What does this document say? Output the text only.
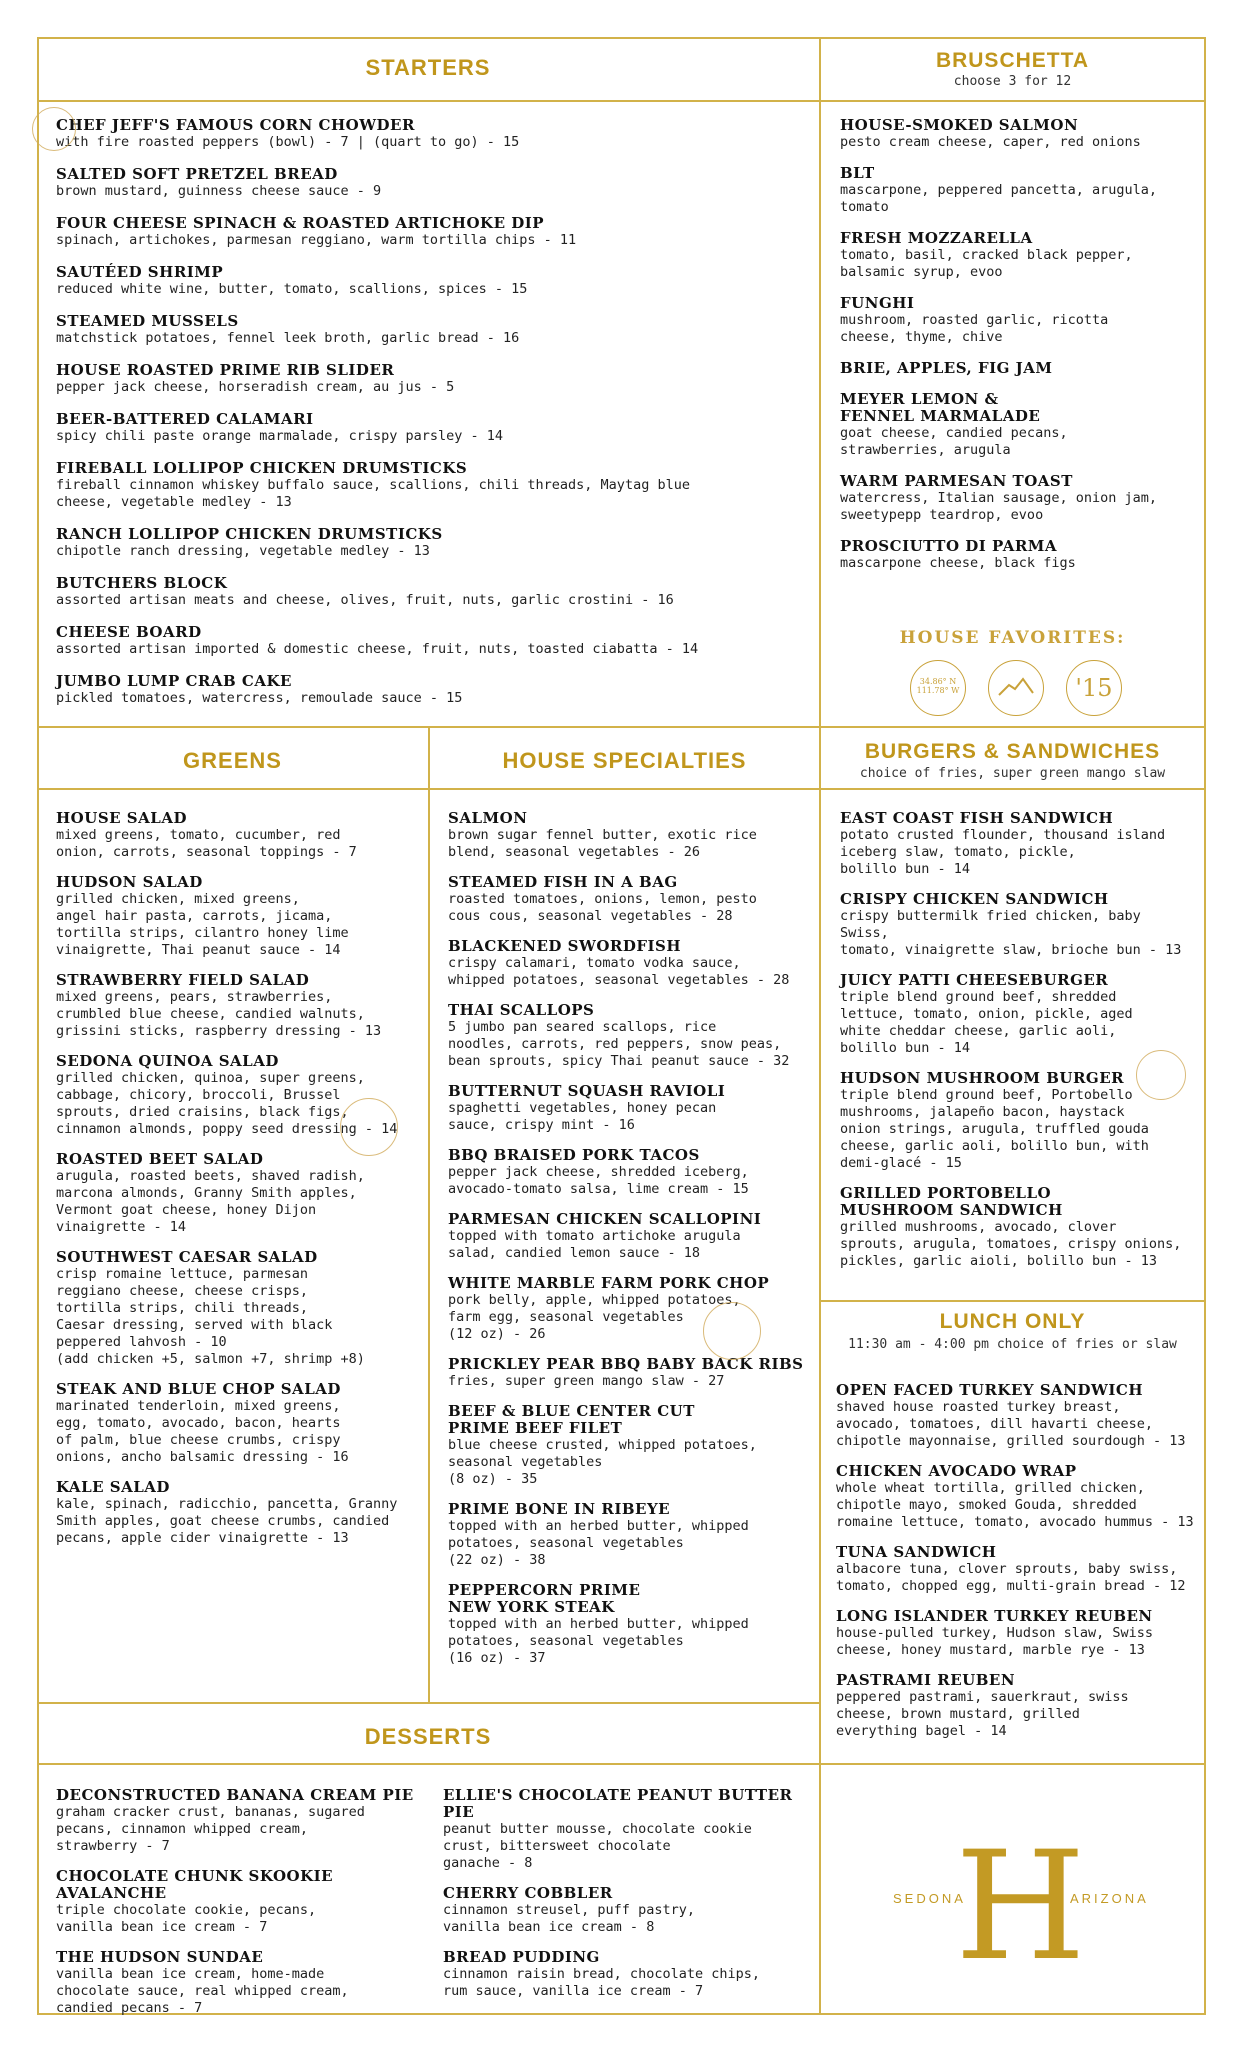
STARTERS
CHEF JEFF'S FAMOUS CORN CHOWDER
with fire roasted peppers (bowl) - 7 | (quart to go) - 15
SALTED SOFT PRETZEL BREAD
brown mustard, guinness cheese sauce - 9
FOUR CHEESE SPINACH & ROASTED ARTICHOKE DIP
spinach, artichokes, parmesan reggiano, warm tortilla chips - 11
SAUTÉED SHRIMP
reduced white wine, butter, tomato, scallions, spices - 15
STEAMED MUSSELS
matchstick potatoes, fennel leek broth, garlic bread - 16
HOUSE ROASTED PRIME RIB SLIDER
pepper jack cheese, horseradish cream, au jus - 5
BEER-BATTERED CALAMARI
spicy chili paste orange marmalade, crispy parsley - 14
FIREBALL LOLLIPOP CHICKEN DRUMSTICKS
fireball cinnamon whiskey buffalo sauce, scallions, chili threads, Maytag blue
cheese, vegetable medley - 13
RANCH LOLLIPOP CHICKEN DRUMSTICKS
chipotle ranch dressing, vegetable medley - 13
BUTCHERS BLOCK
assorted artisan meats and cheese, olives, fruit, nuts, garlic crostini - 16
CHEESE BOARD
assorted artisan imported & domestic cheese, fruit, nuts, toasted ciabatta - 14
JUMBO LUMP CRAB CAKE
pickled tomatoes, watercress, remoulade sauce - 15
BRUSCHETTA
choose 3 for 12
HOUSE-SMOKED SALMON
pesto cream cheese, caper, red onions
BLT
mascarpone, peppered pancetta, arugula,
tomato
FRESH MOZZARELLA
tomato, basil, cracked black pepper,
balsamic syrup, evoo
FUNGHI
mushroom, roasted garlic, ricotta
cheese, thyme, chive
BRIE, APPLES, FIG JAM
MEYER LEMON &
FENNEL MARMALADE
goat cheese, candied pecans,
strawberries, arugula
WARM PARMESAN TOAST
watercress, Italian sausage, onion jam,
sweetypepp teardrop, evoo
PROSCIUTTO DI PARMA
mascarpone cheese, black figs
HOUSE FAVORITES:
34.86° N
111.78° W	'15
GREENS
HOUSE SALAD
mixed greens, tomato, cucumber, red
onion, carrots, seasonal toppings - 7
HUDSON SALAD
grilled chicken, mixed greens,
angel hair pasta, carrots, jicama,
tortilla strips, cilantro honey lime
vinaigrette, Thai peanut sauce - 14
STRAWBERRY FIELD SALAD
mixed greens, pears, strawberries,
crumbled blue cheese, candied walnuts,
grissini sticks, raspberry dressing - 13
SEDONA QUINOA SALAD
grilled chicken, quinoa, super greens,
cabbage, chicory, broccoli, Brussel
sprouts, dried craisins, black figs,
cinnamon almonds, poppy seed dressing - 14
ROASTED BEET SALAD
arugula, roasted beets, shaved radish,
marcona almonds, Granny Smith apples,
Vermont goat cheese, honey Dijon
vinaigrette - 14
SOUTHWEST CAESAR SALAD
crisp romaine lettuce, parmesan
reggiano cheese, cheese crisps,
tortilla strips, chili threads,
Caesar dressing, served with black
peppered lahvosh - 10
(add chicken +5, salmon +7, shrimp +8)
STEAK AND BLUE CHOP SALAD
marinated tenderloin, mixed greens,
egg, tomato, avocado, bacon, hearts
of palm, blue cheese crumbs, crispy
onions, ancho balsamic dressing - 16
KALE SALAD
kale, spinach, radicchio, pancetta, Granny
Smith apples, goat cheese crumbs, candied
pecans, apple cider vinaigrette - 13
HOUSE SPECIALTIES
SALMON
brown sugar fennel butter, exotic rice
blend, seasonal vegetables - 26
STEAMED FISH IN A BAG
roasted tomatoes, onions, lemon, pesto
cous cous, seasonal vegetables - 28
BLACKENED SWORDFISH
crispy calamari, tomato vodka sauce,
whipped potatoes, seasonal vegetables - 28
THAI SCALLOPS
5 jumbo pan seared scallops, rice
noodles, carrots, red peppers, snow peas,
bean sprouts, spicy Thai peanut sauce - 32
BUTTERNUT SQUASH RAVIOLI
spaghetti vegetables, honey pecan
sauce, crispy mint - 16
BBQ BRAISED PORK TACOS
pepper jack cheese, shredded iceberg,
avocado-tomato salsa, lime cream - 15
PARMESAN CHICKEN SCALLOPINI
topped with tomato artichoke arugula
salad, candied lemon sauce - 18
WHITE MARBLE FARM PORK CHOP
pork belly, apple, whipped potatoes,
farm egg, seasonal vegetables
(12 oz) - 26
PRICKLEY PEAR BBQ BABY BACK RIBS
fries, super green mango slaw - 27
BEEF & BLUE CENTER CUT
PRIME BEEF FILET
blue cheese crusted, whipped potatoes,
seasonal vegetables
(8 oz) - 35
PRIME BONE IN RIBEYE
topped with an herbed butter, whipped
potatoes, seasonal vegetables
(22 oz) - 38
PEPPERCORN PRIME
NEW YORK STEAK
topped with an herbed butter, whipped
potatoes, seasonal vegetables
(16 oz) - 37
BURGERS & SANDWICHES
choice of fries, super green mango slaw
EAST COAST FISH SANDWICH
potato crusted flounder, thousand island
iceberg slaw, tomato, pickle,
bolillo bun - 14
CRISPY CHICKEN SANDWICH
crispy buttermilk fried chicken, baby Swiss,
tomato, vinaigrette slaw, brioche bun - 13
JUICY PATTI CHEESEBURGER
triple blend ground beef, shredded
lettuce, tomato, onion, pickle, aged
white cheddar cheese, garlic aoli,
bolillo bun - 14
HUDSON MUSHROOM BURGER
triple blend ground beef, Portobello
mushrooms, jalapeño bacon, haystack
onion strings, arugula, truffled gouda
cheese, garlic aoli, bolillo bun, with
demi-glacé - 15
GRILLED PORTOBELLO
MUSHROOM SANDWICH
grilled mushrooms, avocado, clover
sprouts, arugula, tomatoes, crispy onions,
pickles, garlic aioli, bolillo bun - 13
LUNCH ONLY
11:30 am - 4:00 pm choice of fries or slaw
OPEN FACED TURKEY SANDWICH
shaved house roasted turkey breast,
avocado, tomatoes, dill havarti cheese,
chipotle mayonnaise, grilled sourdough - 13
CHICKEN AVOCADO WRAP
whole wheat tortilla, grilled chicken,
chipotle mayo, smoked Gouda, shredded
romaine lettuce, tomato, avocado hummus - 13
TUNA SANDWICH
albacore tuna, clover sprouts, baby swiss,
tomato, chopped egg, multi-grain bread - 12
LONG ISLANDER TURKEY REUBEN
house-pulled turkey, Hudson slaw, Swiss
cheese, honey mustard, marble rye - 13
PASTRAMI REUBEN
peppered pastrami, sauerkraut, swiss
cheese, brown mustard, grilled
everything bagel - 14
DESSERTS
DECONSTRUCTED BANANA CREAM PIE
graham cracker crust, bananas, sugared
pecans, cinnamon whipped cream,
strawberry - 7
CHOCOLATE CHUNK SKOOKIE AVALANCHE
triple chocolate cookie, pecans,
vanilla bean ice cream - 7
THE HUDSON SUNDAE
vanilla bean ice cream, home-made
chocolate sauce, real whipped cream,
candied pecans - 7
ELLIE'S CHOCOLATE PEANUT BUTTER PIE
peanut butter mousse, chocolate cookie
crust, bittersweet chocolate
ganache - 8
CHERRY COBBLER
cinnamon streusel, puff pastry,
vanilla bean ice cream - 8
BREAD PUDDING
cinnamon raisin bread, chocolate chips,
rum sauce, vanilla ice cream - 7	H
SEDONA	ARIZONA
